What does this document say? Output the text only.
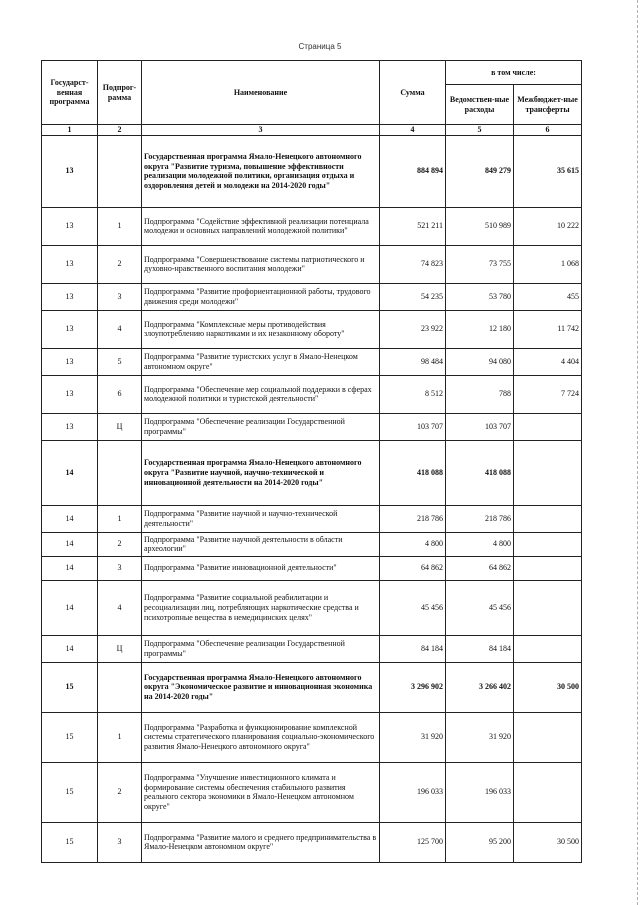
Страница 5
Государст-венная программа	Подпрог-рамма	Наименование	Сумма	в том числе:	
				Ведомствен-ные расходы	Межбюджет-ные трансферты
1	2	3	4	5	6
13		Государственная программа Ямало-Ненецкого автономного округа "Развитие туризма, повышение эффективности реализации молодежной политики, организация отдыха и оздоровления детей и молодежи на 2014-2020 годы"	884 894	849 279	35 615
13	1	Подпрограмма "Содействие эффективной реализации потенциала молодежи и основных направлений молодежной политики"	521 211	510 989	10 222
13	2	Подпрограмма "Совершенствование системы патриотического и духовно-нравственного воспитания молодежи"	74 823	73 755	1 068
13	3	Подпрограмма "Развитие профориентационной работы, трудового движения среди молодежи"	54 235	53 780	455
13	4	Подпрограмма "Комплексные меры противодействия злоупотреблению наркотиками и их незаконному обороту"	23 922	12 180	11 742
13	5	Подпрограмма "Развитие туристских услуг в Ямало-Ненецком автономном округе"	98 484	94 080	4 404
13	6	Подпрограмма "Обеспечение мер социальной поддержки в сферах молодежной политики и туристской деятельности"	8 512	788	7 724
13	Ц	Подпрограмма "Обеспечение реализации Государственной программы"	103 707	103 707	
14		Государственная программа Ямало-Ненецкого автономного округа "Развитие научной, научно-технической и инновационной деятельности на 2014-2020 годы"	418 088	418 088	
14	1	Подпрограмма "Развитие научной и научно-технической деятельности"	218 786	218 786	
14	2	Подпрограмма "Развитие научной деятельности в области археологии"	4 800	4 800	
14	3	Подпрограмма "Развитие инновационной деятельности"	64 862	64 862	
14	4	Подпрограмма "Развитие социальной реабилитации и ресоциализации лиц, потребляющих наркотические средства и психотропные вещества в немедицинских целях"	45 456	45 456	
14	Ц	Подпрограмма "Обеспечение реализации Государственной программы"	84 184	84 184	
15		Государственная программа Ямало-Ненецкого автономного округа "Экономическое развитие и инновационная экономика на 2014-2020 годы"	3 296 902	3 266 402	30 500
15	1	Подпрограмма "Разработка и функционирование комплексной системы стратегического планирования социально-экономического развития Ямало-Ненецкого автономного округа"	31 920	31 920	
15	2	Подпрограмма "Улучшение инвестиционного климата и формирование системы обеспечения стабильного развития реального сектора экономики в Ямало-Ненецком автономном округе"	196 033	196 033	
15	3	Подпрограмма "Развитие малого и среднего предпринимательства в Ямало-Ненецком автономном округе"	125 700	95 200	30 500
